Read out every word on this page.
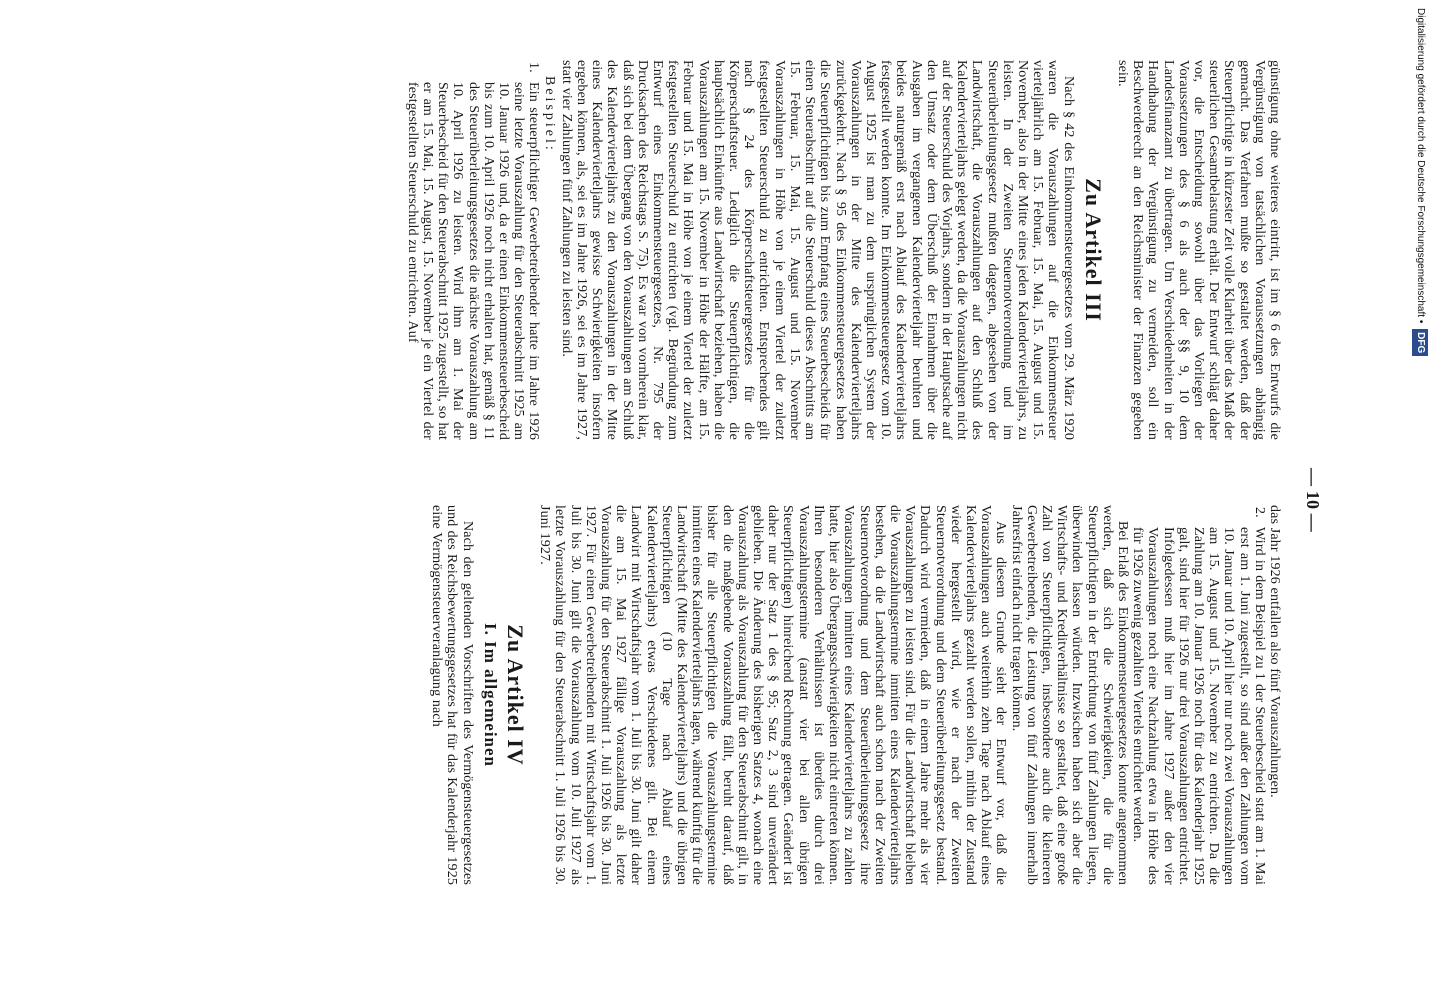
— 10 —

günstigung ohne weiteres eintritt, ist im § 6 des Entwurfs die Vergünstigung von tatsächlichen Voraussetzungen abhängig gemacht. Das Verfahren mußte so gestaltet werden, daß der Steuerpflichtige in kürzester Zeit volle Klarheit über das Maß der steuerlichen Gesamtbelastung erhält. Der Entwurf schlägt daher vor, die Entscheidung sowohl über das Vorliegen der Voraussetzungen des § 6 als auch der §§ 9, 10 dem Landesfinanzamt zu übertragen. Um Verschiedenheiten in der Handhabung der Vergünstigung zu vermeiden, soll ein Beschwerderecht an den Reichsminister der Finanzen gegeben sein.

Zu Artikel III

Nach § 42 des Einkommensteuergesetzes vom 29. März 1920 waren die Vorauszahlungen auf die Einkommensteuer vierteljährlich am 15. Februar, 15. Mai, 15. August und 15. November, also in der Mitte eines jeden Kalendervierteljahrs, zu leisten. In der Zweiten Steuernotverordnung und im Steuerüberleitungsgesetz mußten dagegen, abgesehen von der Landwirtschaft, die Vorauszahlungen auf den Schluß des Kalendervierteljahrs gelegt werden, da die Vorauszahlungen nicht auf der Steuerschuld des Vorjahrs, sondern in der Hauptsache auf den Umsatz oder dem Überschuß der Einnahmen über die Ausgaben im vergangenen Kalendervierteljahr beruhten und beides naturgemäß erst nach Ablauf des Kalendervierteljahrs festgestellt werden konnte. Im Einkommensteuergesetz vom 10. August 1925 ist man zu dem ursprünglichen System der Vorauszahlungen in der Mitte des Kalendervierteljahrs zurückgekehrt. Nach § 95 des Einkommensteuergesetzes haben die Steuerpflichtigen bis zum Empfang eines Steuerbescheids für einen Steuerabschnitt auf die Steuerschuld dieses Abschnitts am 15. Februar, 15. Mai, 15. August und 15. November Vorauszahlungen in Höhe von je einem Viertel der zuletzt festgestellten Steuerschuld zu entrichten. Entsprechendes gilt nach § 24 des Körperschaftsteuergesetzes für die Körperschaftsteuer. Lediglich die Steuerpflichtigen, die hauptsächlich Einkünfte aus Landwirtschaft beziehen, haben die Vorauszahlungen am 15. November in Höhe der Hälfte, am 15. Februar und 15. Mai in Höhe von je einem Viertel der zuletzt festgestellten Steuerschuld zu entrichten (vgl. Begründung zum Entwurf eines Einkommensteuergesetzes, Nr. 795 der Drucksachen des Reichstags S. 75). Es war von vornherein klar, daß sich bei dem Übergang von den Vorauszahlungen am Schluß des Kalendervierteljahrs zu den Vorauszahlungen in der Mitte eines Kalendervierteljahrs gewisse Schwierigkeiten insofern ergeben können, als, sei es im Jahre 1926, sei es im Jahre 1927, statt vier Zahlungen fünf Zahlungen zu leisten sind.

Beispiel:

1.
Ein steuerpflichtiger Gewerbetreibender hatte im Jahre 1926 seine letzte Vorauszahlung für den Steuerabschnitt 1925 am 10. Januar 1926 und, da er einen Einkommensteuerbescheid bis zum 10. April 1926 noch nicht erhalten hat, gemäß § 11 des Steuerüberleitungsgesetzes die nächste Vorauszahlung am 10. April 1926 zu leisten. Wird ihm am 1. Mai der Steuerbescheid für den Steuerabschnitt 1925 zugestellt, so hat er am 15. Mai, 15. August, 15. November je ein Viertel der festgestellten Steuerschuld zu entrichten. Auf

das Jahr 1926 entfallen also fünf Vorauszahlungen.

2.
Wird in dem Beispiel zu 1 der Steuerbescheid statt am 1. Mai erst am 1. Juni zugestellt, so sind außer den Zahlungen vom 10. Januar und 10. April hier nur noch zwei Vorauszahlungen am 15. August und 15. November zu entrichten. Da die Zahlung am 10. Januar 1926 noch für das Kalenderjahr 1925 galt, sind hier für 1926 nur drei Vorauszahlungen entrichtet. Infolgedessen muß hier im Jahre 1927 außer den vier Vorauszahlungen noch eine Nachzahlung etwa in Höhe des für 1926 zuwenig gezahlten Viertels entrichtet werden.

Bei Erlaß des Einkommensteuergesetzes konnte angenommen werden, daß sich die Schwierigkeiten, die für die Steuerpflichtigen in der Entrichtung von fünf Zahlungen liegen, überwinden lassen würden. Inzwischen haben sich aber die Wirtschafts- und Kreditverhältnisse so gestaltet, daß eine große Zahl von Steuerpflichtigen, insbesondere auch die kleineren Gewerbetreibenden, die Leistung von fünf Zahlungen innerhalb Jahresfrist einfach nicht tragen können.

Aus diesem Grunde sieht der Entwurf vor, daß die Vorauszahlungen auch weiterhin zehn Tage nach Ablauf eines Kalendervierteljahrs gezahlt werden sollen, mithin der Zustand wieder hergestellt wird, wie er nach der Zweiten Steuernotverordnung und dem Steuerüberleitungsgesetz bestand. Dadurch wird vermieden, daß in einem Jahre mehr als vier Vorauszahlungen zu leisten sind. Für die Landwirtschaft bleiben die Vorauszahlungstermine inmitten eines Kalendervierteljahrs bestehen, da die Landwirtschaft auch schon nach der Zweiten Steuernotverordnung und dem Steuerüberleitungsgesetz ihre Vorauszahlungen inmitten eines Kalendervierteljahrs zu zahlen hatte, hier also Übergangsschwierigkeiten nicht eintreten können. Ihren besonderen Verhältnissen ist überdies durch drei Vorauszahlungstermine (anstatt vier bei allen übrigen Steuerpflichtigen) hinreichend Rechnung getragen. Geändert ist daher nur der Satz 1 des § 95; Satz 2, 3 sind unverändert geblieben. Die Änderung des bisherigen Satzes 4, wonach eine Vorauszahlung als Vorauszahlung für den Steuerabschnitt gilt, in den die maßgebende Vorauszahlung fällt, beruht darauf, daß bisher für alle Steuerpflichtigen die Vorauszahlungstermine inmitten eines Kalendervierteljahrs lagen, während künftig für die Landwirtschaft (Mitte des Kalendervierteljahrs) und die übrigen Steuerpflichtigen (10 Tage nach Ablauf eines Kalendervierteljahrs) etwas Verschiedenes gilt. Bei einem Landwirt mit Wirtschaftsjahr vom 1. Juli bis 30. Juni gilt daher die am 15. Mai 1927 fällige Vorauszahlung als letzte Vorauszahlung für den Steuerabschnitt 1. Juli 1926 bis 30. Juni 1927. Für einen Gewerbetreibenden mit Wirtschaftsjahr vom 1. Juli bis 30. Juni gilt die Vorauszahlung vom 10. Juli 1927 als letzte Vorauszahlung für den Steuerabschnitt 1. Juli 1926 bis 30. Juni 1927.

Zu Artikel IV
I. Im allgemeinen

Nach den geltenden Vorschriften des Vermögensteuergesetzes und des Reichsbewertungsgesetzes hat für das Kalenderjahr 1925 eine Vermögensteuerveranlagung nach

Digitalisierung gefördert durch die Deutsche Forschungsgemeinschaft • DFG
